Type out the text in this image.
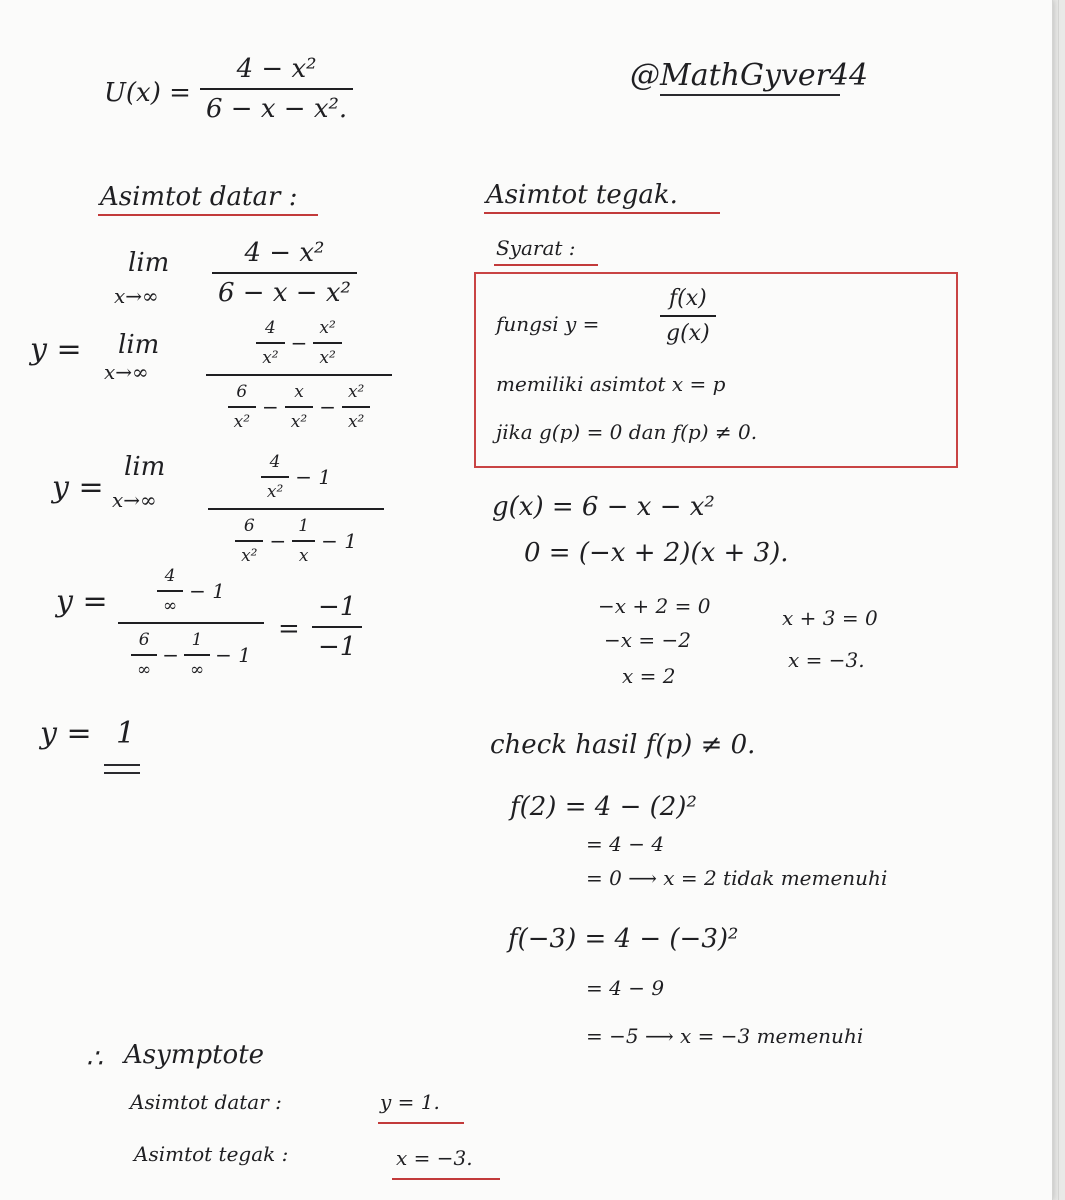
U(x) =
4 − x²
6 − x − x².
@MathGyver44
Asimtot datar :
lim
x→∞
4 − x²
6 − x − x²
y = lim
x→∞
$\frac{4}{\text{x²}} - \frac{\text{x²}}{\text{x²}}$
$\frac{6}{\text{x²}} - \frac{x}{\text{x²}} - \frac{\text{x²}}{\text{x²}}$
y =
lim
x→∞	$\frac{4}{\text{x²}} - 1$
$\frac{6}{\text{x²}} - \frac{1}{x} - 1$
y =	$\frac{4}{\infty} - 1$
$\frac{6}{\infty} - \frac{1}{\infty} - 1$
=
−1
−1
y = 1
Asimtot tegak.
Syarat :
fungsi y =
f(x)
g(x)
memiliki asimtot x = p
jika g(p) = 0 dan f(p) ≠ 0.
g(x) = 6 − x − x²
0 = (−x + 2)(x + 3).
−x + 2 = 0
−x = −2
x = 2
x + 3 = 0
x = −3.
check hasil f(p) ≠ 0.
f(2) = 4 − (2)²
= 4 − 4
= 0 ⟶ x = 2 tidak memenuhi
f(−3) = 4 − (−3)²
= 4 − 9
= −5 ⟶ x = −3 memenuhi
∴ Asymptote
Asimtot datar :	y = 1.
Asimtot tegak :	x = −3.
